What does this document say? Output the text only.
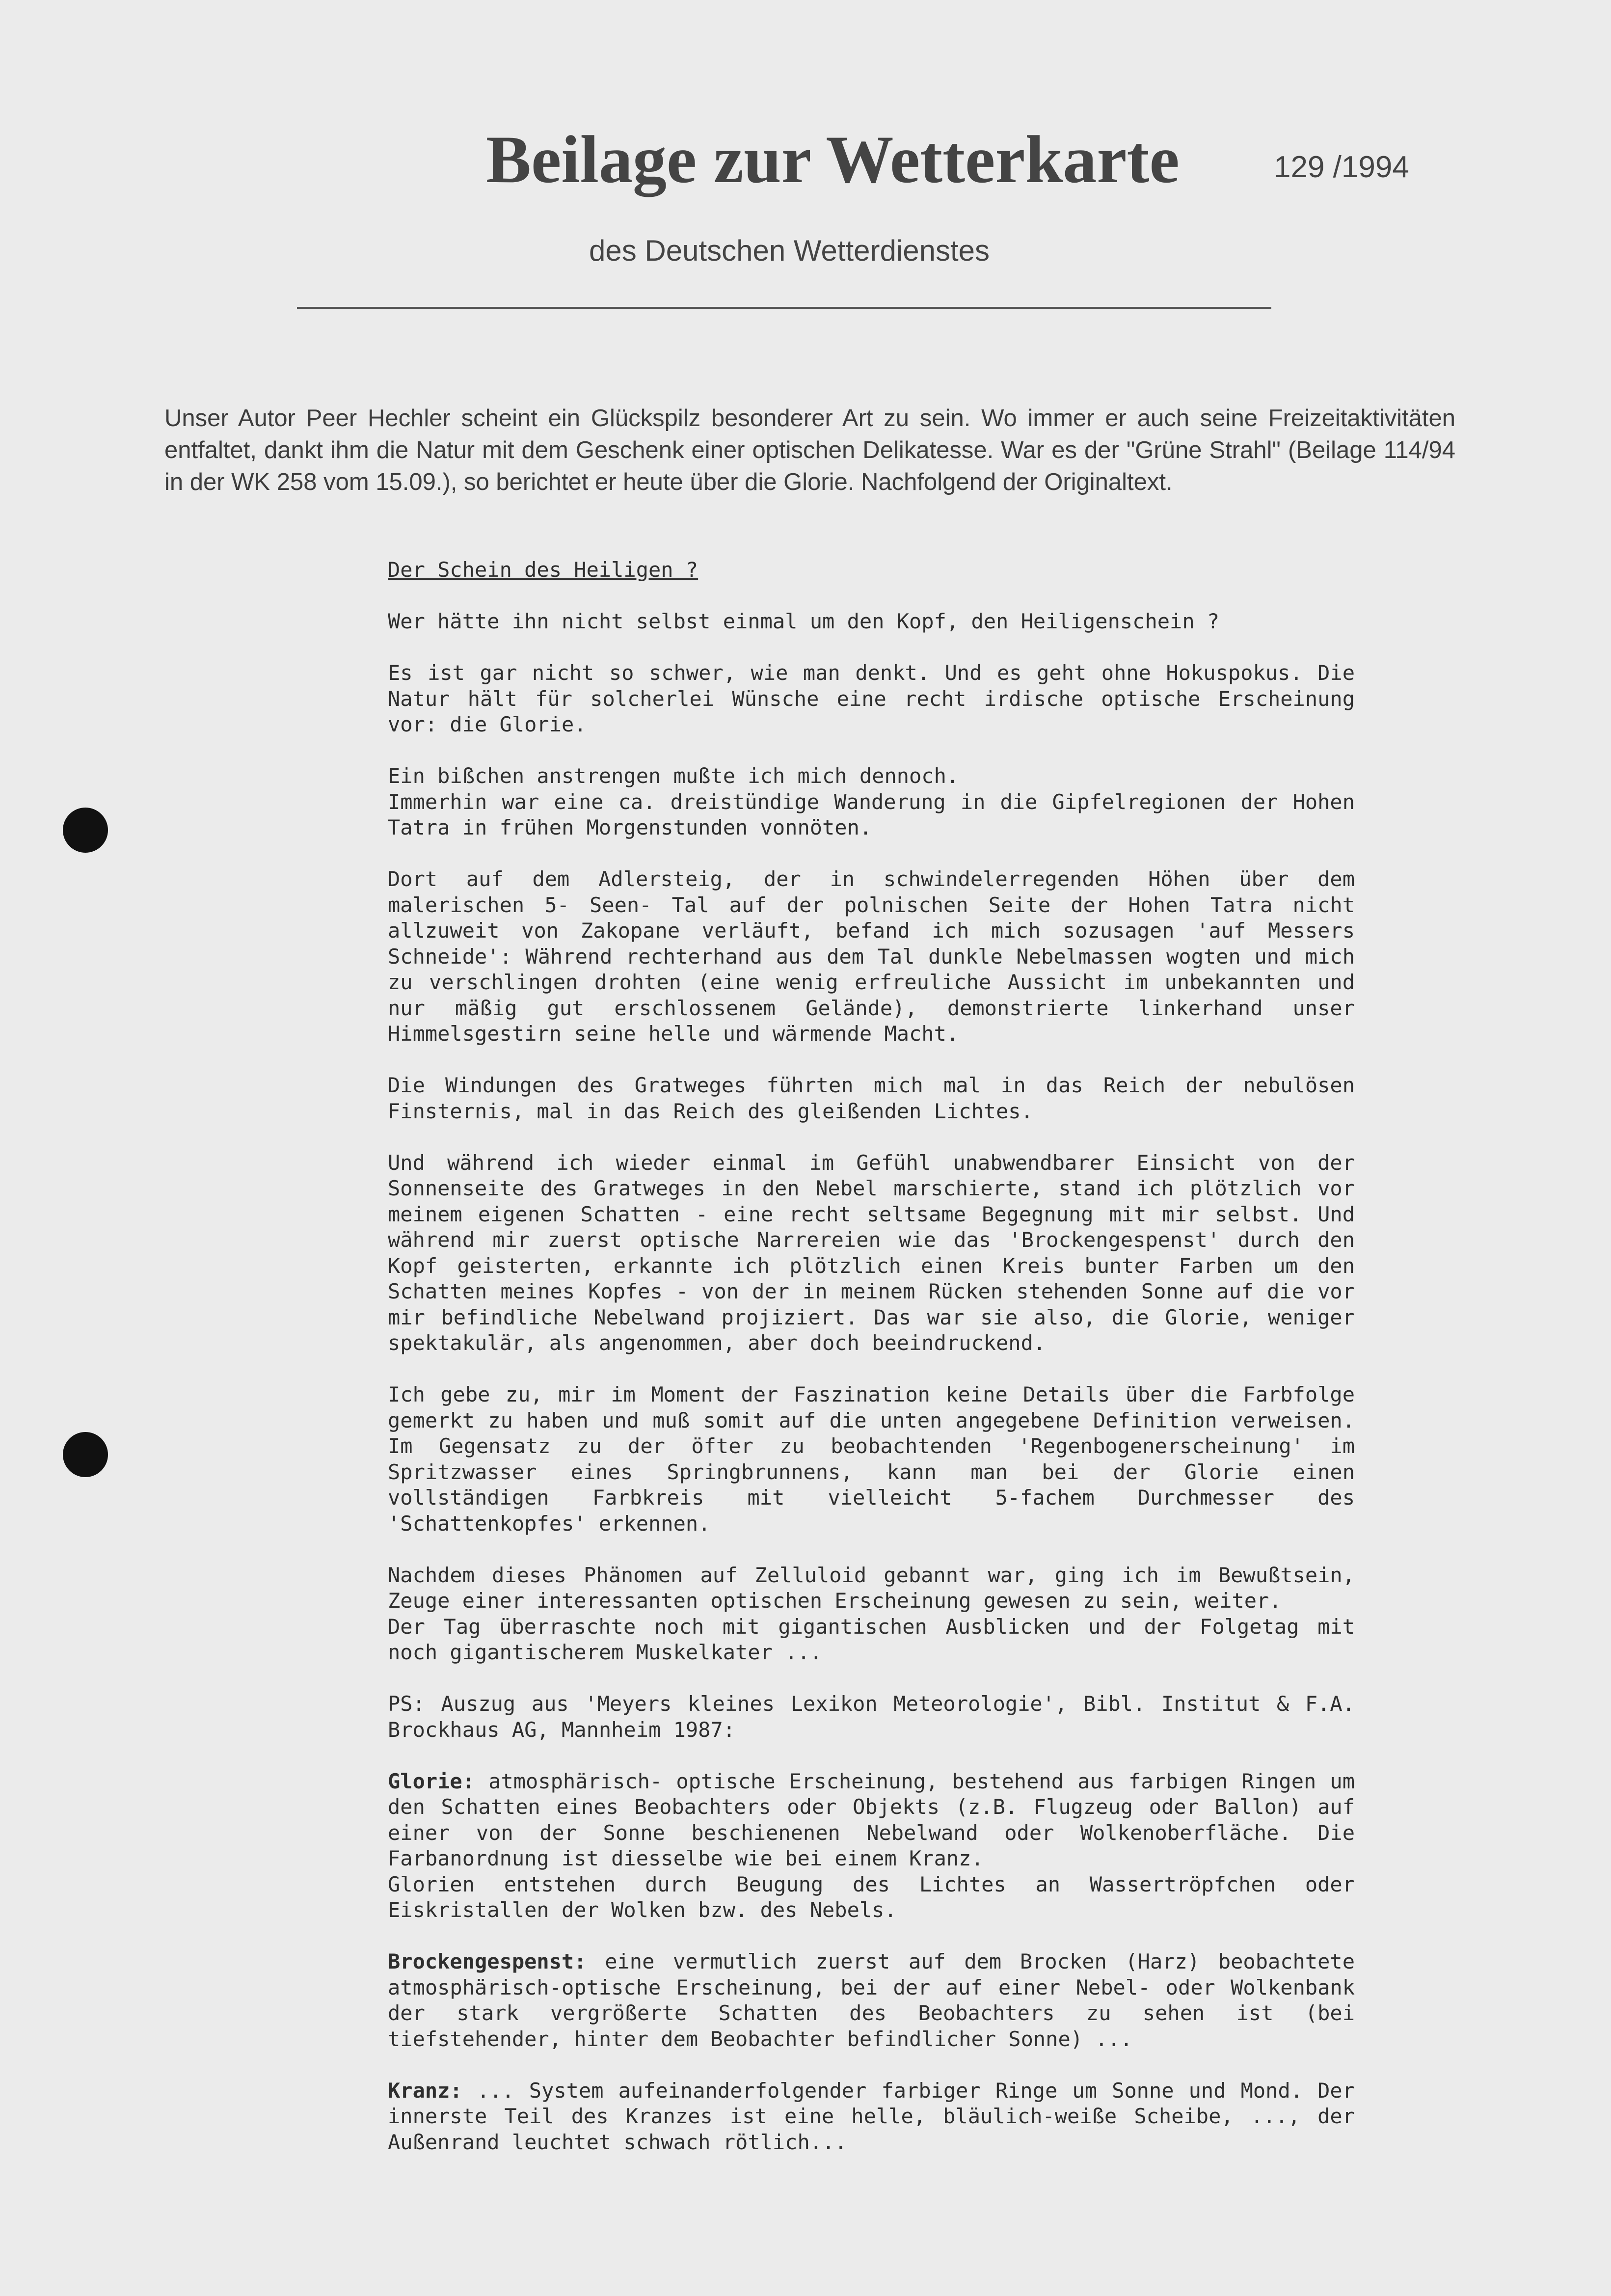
Beilage zur Wetterkarte	129 /1994
des Deutschen Wetterdienstes

Unser Autor Peer Hechler scheint ein Glückspilz besonderer Art zu sein. Wo immer er auch seine Freizeitaktivitäten entfaltet, dankt ihm die Natur mit dem Geschenk einer optischen Delikatesse. War es der "Grüne Strahl" (Beilage 114/94 in der WK 258 vom 15.09.), so berichtet er heute über die Glorie. Nachfolgend der Originaltext.

Der Schein des Heiligen ?

Wer hätte ihn nicht selbst einmal um den Kopf, den Heiligenschein ?

Es ist gar nicht so schwer, wie man denkt. Und es geht ohne Hokuspokus. Die Natur hält für solcherlei Wünsche eine recht irdische optische Erscheinung vor: die Glorie.

Ein bißchen anstrengen mußte ich mich dennoch.
Immerhin war eine ca. dreistündige Wanderung in die Gipfelregionen der Hohen Tatra in frühen Morgenstunden vonnöten.

Dort auf dem Adlersteig, der in schwindelerregenden Höhen über dem malerischen 5- Seen- Tal auf der polnischen Seite der Hohen Tatra nicht allzuweit von Zakopane verläuft, befand ich mich sozusagen 'auf Messers Schneide': Während rechterhand aus dem Tal dunkle Nebelmassen wogten und mich zu verschlingen drohten (eine wenig erfreuliche Aussicht im unbekannten und nur mäßig gut erschlossenem Gelände), demonstrierte linkerhand unser Himmelsgestirn seine helle und wärmende Macht.

Die Windungen des Gratweges führten mich mal in das Reich der nebulösen Finsternis, mal in das Reich des gleißenden Lichtes.

Und während ich wieder einmal im Gefühl unabwendbarer Einsicht von der Sonnenseite des Gratweges in den Nebel marschierte, stand ich plötzlich vor meinem eigenen Schatten - eine recht seltsame Begegnung mit mir selbst. Und während mir zuerst optische Narrereien wie das 'Brockengespenst' durch den Kopf geisterten, erkannte ich plötzlich einen Kreis bunter Farben um den Schatten meines Kopfes - von der in meinem Rücken stehenden Sonne auf die vor mir befindliche Nebelwand projiziert. Das war sie also, die Glorie, weniger spektakulär, als angenommen, aber doch beeindruckend.

Ich gebe zu, mir im Moment der Faszination keine Details über die Farbfolge gemerkt zu haben und muß somit auf die unten angegebene Definition verweisen. Im Gegensatz zu der öfter zu beobachtenden 'Regenbogenerscheinung' im Spritzwasser eines Springbrunnens, kann man bei der Glorie einen vollständigen Farbkreis mit vielleicht 5-fachem Durchmesser des 'Schattenkopfes' erkennen.

Nachdem dieses Phänomen auf Zelluloid gebannt war, ging ich im Bewußtsein, Zeuge einer interessanten optischen Erscheinung gewesen zu sein, weiter.
Der Tag überraschte noch mit gigantischen Ausblicken und der Folgetag mit noch gigantischerem Muskelkater ...

PS: Auszug aus 'Meyers kleines Lexikon Meteorologie', Bibl. Institut & F.A. Brockhaus AG, Mannheim 1987:

Glorie: atmosphärisch- optische Erscheinung, bestehend aus farbigen Ringen um den Schatten eines Beobachters oder Objekts (z.B. Flugzeug oder Ballon) auf einer von der Sonne beschienenen Nebelwand oder Wolkenoberfläche. Die Farbanordnung ist diesselbe wie bei einem Kranz.
Glorien entstehen durch Beugung des Lichtes an Wassertröpfchen oder Eiskristallen der Wolken bzw. des Nebels.

Brockengespenst: eine vermutlich zuerst auf dem Brocken (Harz) beobachtete atmosphärisch-optische Erscheinung, bei der auf einer Nebel- oder Wolkenbank der stark vergrößerte Schatten des Beobachters zu sehen ist (bei tiefstehender, hinter dem Beobachter befindlicher Sonne) ...

Kranz: ... System aufeinanderfolgender farbiger Ringe um Sonne und Mond. Der innerste Teil des Kranzes ist eine helle, bläulich-weiße Scheibe, ..., der Außenrand leuchtet schwach rötlich...
